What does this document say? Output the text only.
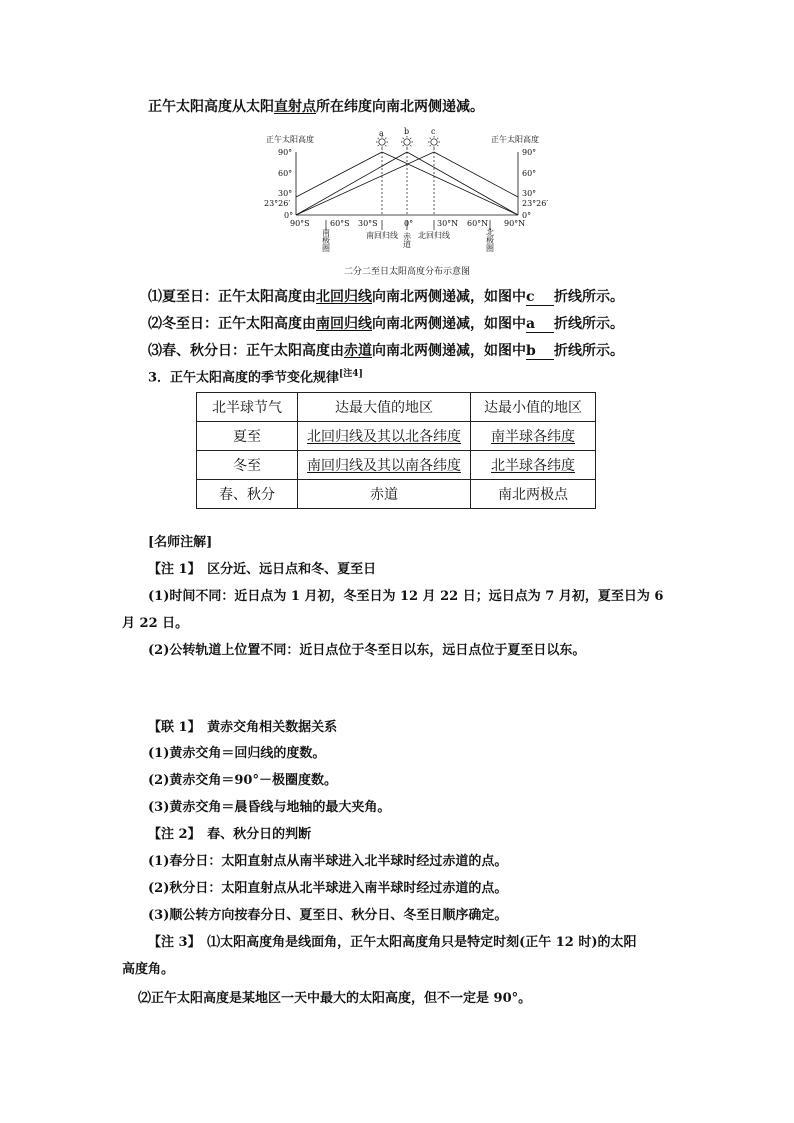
正午太阳高度从太阳直射点所在纬度向南北两侧递减。
正午太阳高度	正午太阳高度
90°
60°
30°
23°26′
0°
90°
60°
30°
23°26′
0°
a	b	c
90°S	60°S 30°S	0°	30°N 60°N 90°N
南极圈	南回归线 赤道 北回归线	北极圈
二分二至日太阳高度分布示意图
⑴夏至日：正午太阳高度由北回归线向南北两侧递减，如图中c 折线所示。
⑵冬至日：正午太阳高度由南回归线向南北两侧递减，如图中a 折线所示。
⑶春、秋分日：正午太阳高度由赤道向南北两侧递减，如图中b 折线所示。
3．正午太阳高度的季节变化规律[注4]
北半球节气	达最大值的地区	达最小值的地区
夏至	北回归线及其以北各纬度	南半球各纬度
冬至	南回归线及其以南各纬度	北半球各纬度
春、秋分	赤道	南北两极点
[名师注解]
【注 1】　区分近、远日点和冬、夏至日
(1)时间不同：近日点为 1 月初，冬至日为 12 月 22 日；远日点为 7 月初，夏至日为 6
月 22 日。
(2)公转轨道上位置不同：近日点位于冬至日以东，远日点位于夏至日以东。
【联 1】　黄赤交角相关数据关系
(1)黄赤交角＝回归线的度数。
(2)黄赤交角＝90°－极圈度数。
(3)黄赤交角＝晨昏线与地轴的最大夹角。
【注 2】　春、秋分日的判断
(1)春分日：太阳直射点从南半球进入北半球时经过赤道的点。
(2)秋分日：太阳直射点从北半球进入南半球时经过赤道的点。
(3)顺公转方向按春分日、夏至日、秋分日、冬至日顺序确定。
【注 3】　⑴太阳高度角是线面角，正午太阳高度角只是特定时刻(正午 12 时)的太阳
高度角。
⑵正午太阳高度是某地区一天中最大的太阳高度，但不一定是 90°。
